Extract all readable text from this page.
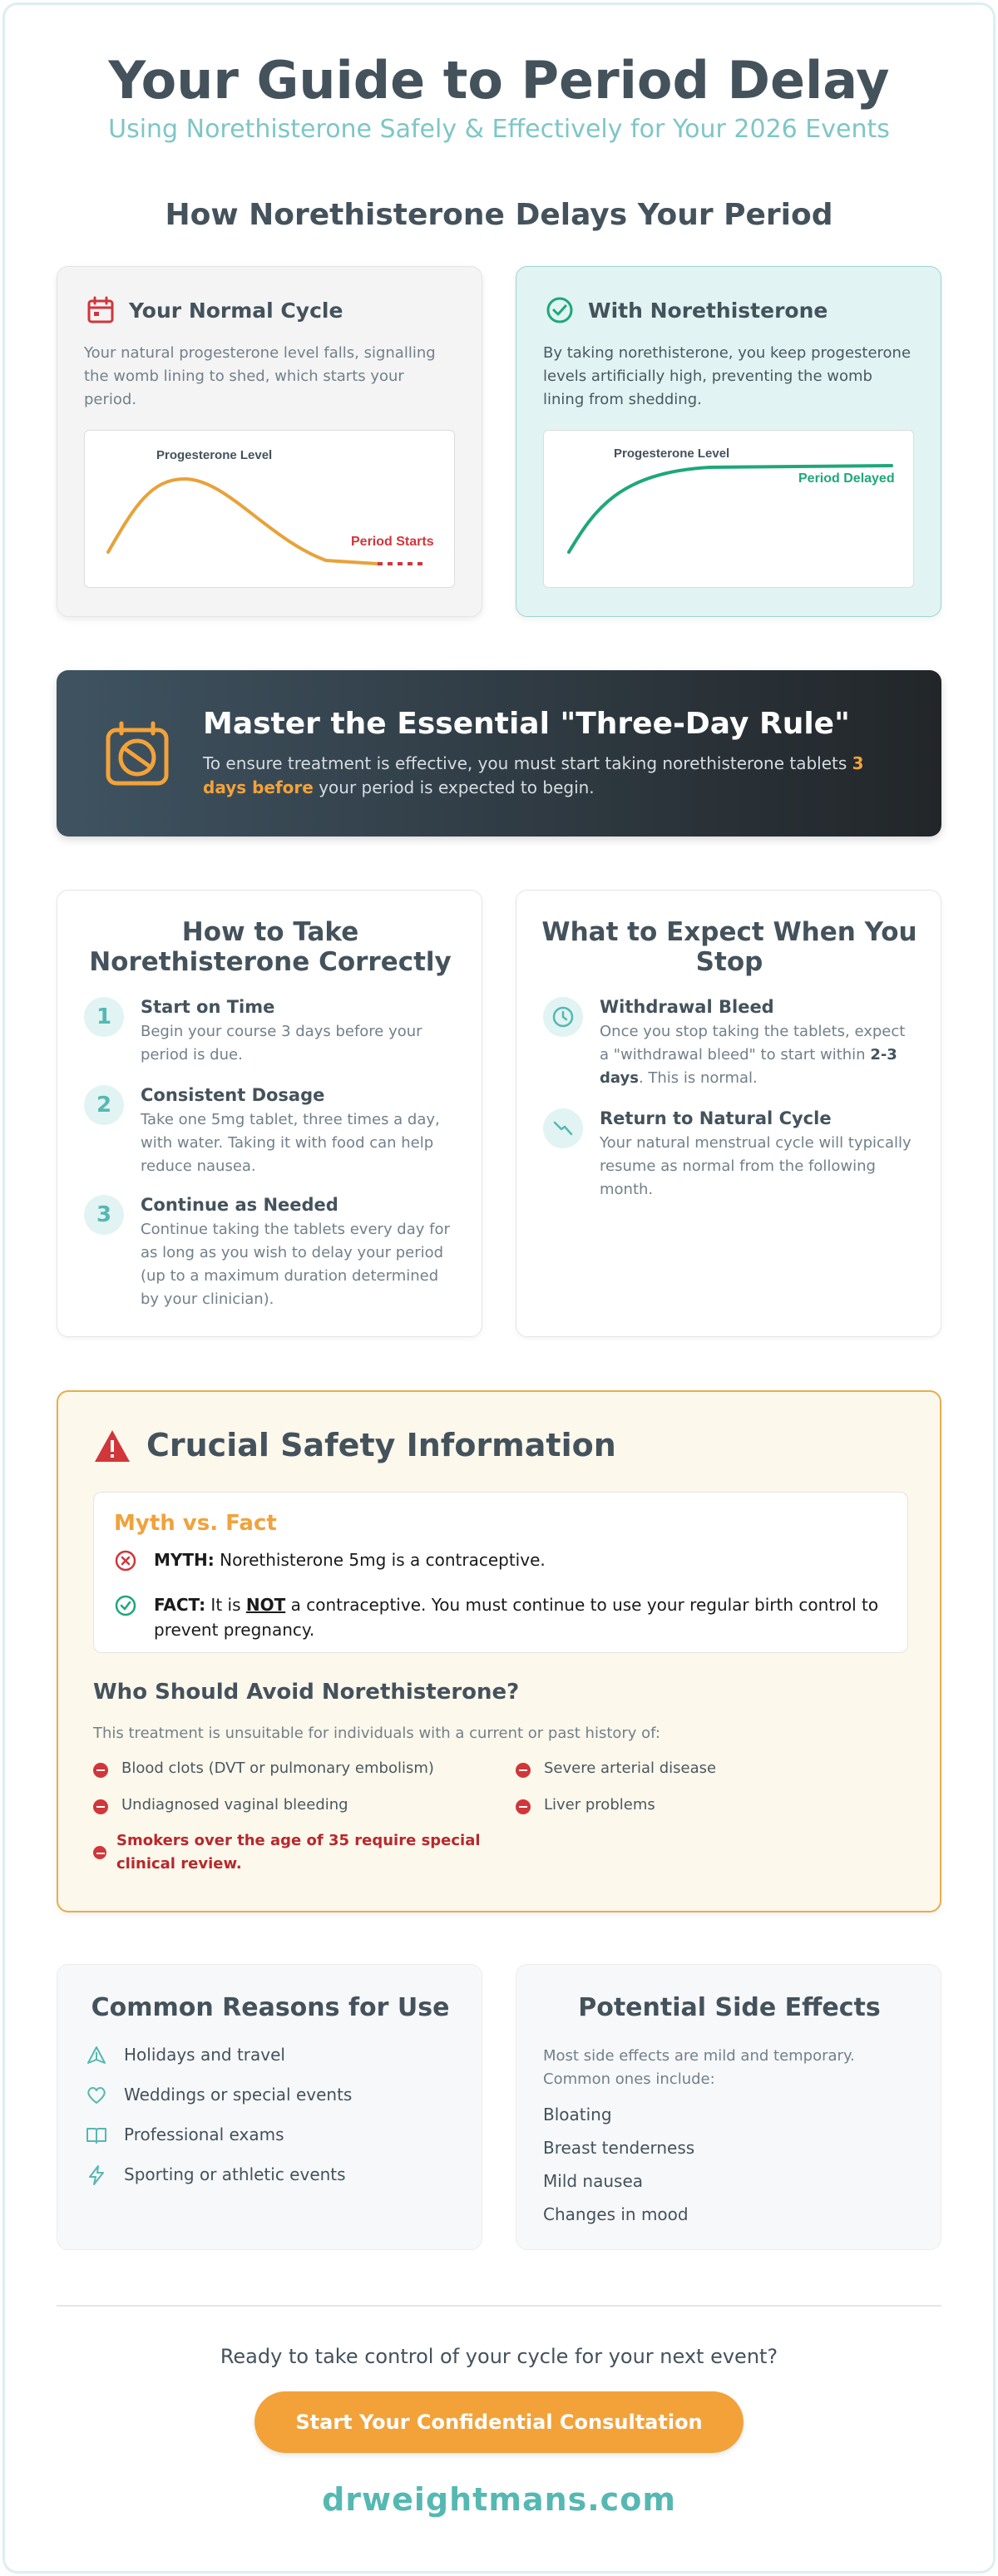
Your Guide to Period Delay
Using Norethisterone Safely & Effectively for Your 2026 Events
How Norethisterone Delays Your Period
Your Normal Cycle
Your natural progesterone level falls, signalling the womb lining to shed, which starts your period.
Progesterone Level
Period Starts
With Norethisterone
By taking norethisterone, you keep progesterone levels artificially high, preventing the womb lining from shedding.
Progesterone Level
Period Delayed
Master the Essential "Three-Day Rule"
To ensure treatment is effective, you must start taking norethisterone tablets 3 days before your period is expected to begin.
How to Take Norethisterone Correctly
1	Start on Time
Begin your course 3 days before your period is due.
2	Consistent Dosage
Take one 5mg tablet, three times a day, with water. Taking it with food can help reduce nausea.
3	Continue as Needed
Continue taking the tablets every day for as long as you wish to delay your period (up to a maximum duration determined by your clinician).
What to Expect When You Stop
Withdrawal Bleed
Once you stop taking the tablets, expect a "withdrawal bleed" to start within 2-3 days. This is normal.
Return to Natural Cycle
Your natural menstrual cycle will typically resume as normal from the following month.
Crucial Safety Information
Myth vs. Fact
MYTH: Norethisterone 5mg is a contraceptive.
FACT: It is NOT a contraceptive. You must continue to use your regular birth control to prevent pregnancy.
Who Should Avoid Norethisterone?
This treatment is unsuitable for individuals with a current or past history of:
Blood clots (DVT or pulmonary embolism)	Severe arterial disease
Undiagnosed vaginal bleeding	Liver problems
Smokers over the age of 35 require special clinical review.
Common Reasons for Use
Holidays and travel
Weddings or special events
Professional exams
Sporting or athletic events
Potential Side Effects
Most side effects are mild and temporary. Common ones include:
Bloating
Breast tenderness
Mild nausea
Changes in mood
Ready to take control of your cycle for your next event?
Start Your Confidential Consultation
drweightmans.com
